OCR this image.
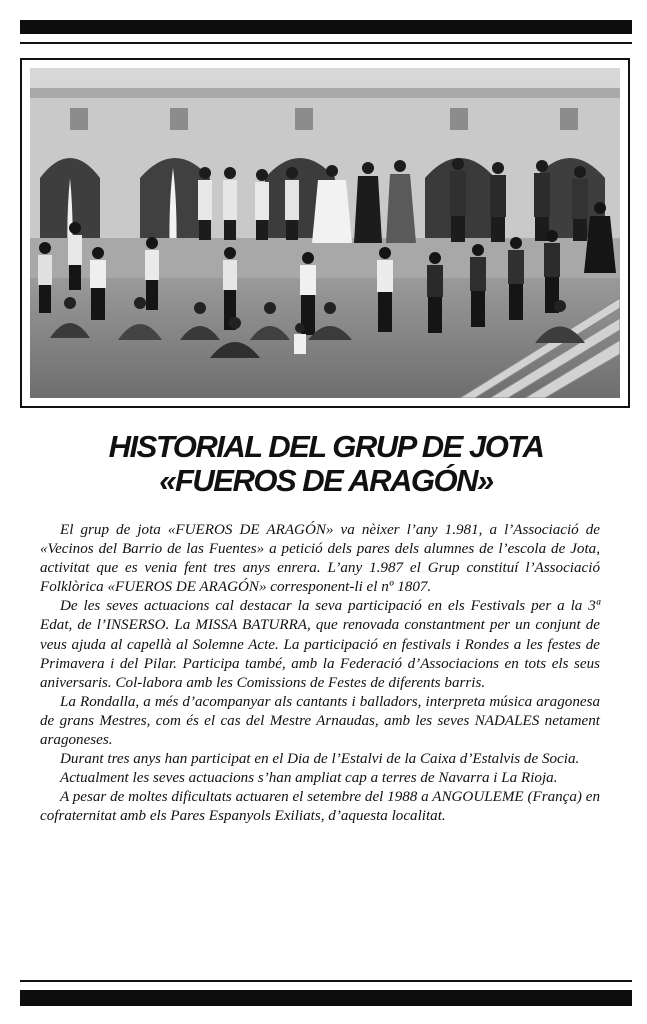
HISTORIAL DEL GRUP DE JOTA
«FUEROS DE ARAGÓN»

El grup de jota «FUEROS DE ARAGÓN» va nèixer l’any 1.981, a l’Associació de «Vecinos del Barrio de las Fuentes» a petició dels pares dels alumnes de l’escola de Jota, activitat que es venia fent tres anys enrera. L’any 1.987 el Grup constituí l’Associació Folklòrica «FUEROS DE ARAGÓN» corresponent-li el nº 1807.

De les seves actuacions cal destacar la seva participació en els Festivals per a la 3ª Edat, de l’INSERSO. La MISSA BATURRA, que renovada constantment per un conjunt de veus ajuda al capellà al Solemne Acte. La participació en festivals i Rondes a les festes de Primavera i del Pilar. Participa també, amb la Federació d’Associacions en tots els seus aniversaris. Col-labora amb les Comissions de Festes de diferents barris.

La Rondalla, a més d’acompanyar als cantants i balladors, interpreta música aragonesa de grans Mestres, com és el cas del Mestre Arnaudas, amb les seves NADALES netament aragoneses.

Durant tres anys han participat en el Dia de l’Estalvi de la Caixa d’Estalvis de Socia.

Actualment les seves actuacions s’han ampliat cap a terres de Navarra i La Rioja.

A pesar de moltes dificultats actuaren el setembre del 1988 a ANGOULEME (França) en cofraternitat amb els Pares Espanyols Exiliats, d’aquesta localitat.
